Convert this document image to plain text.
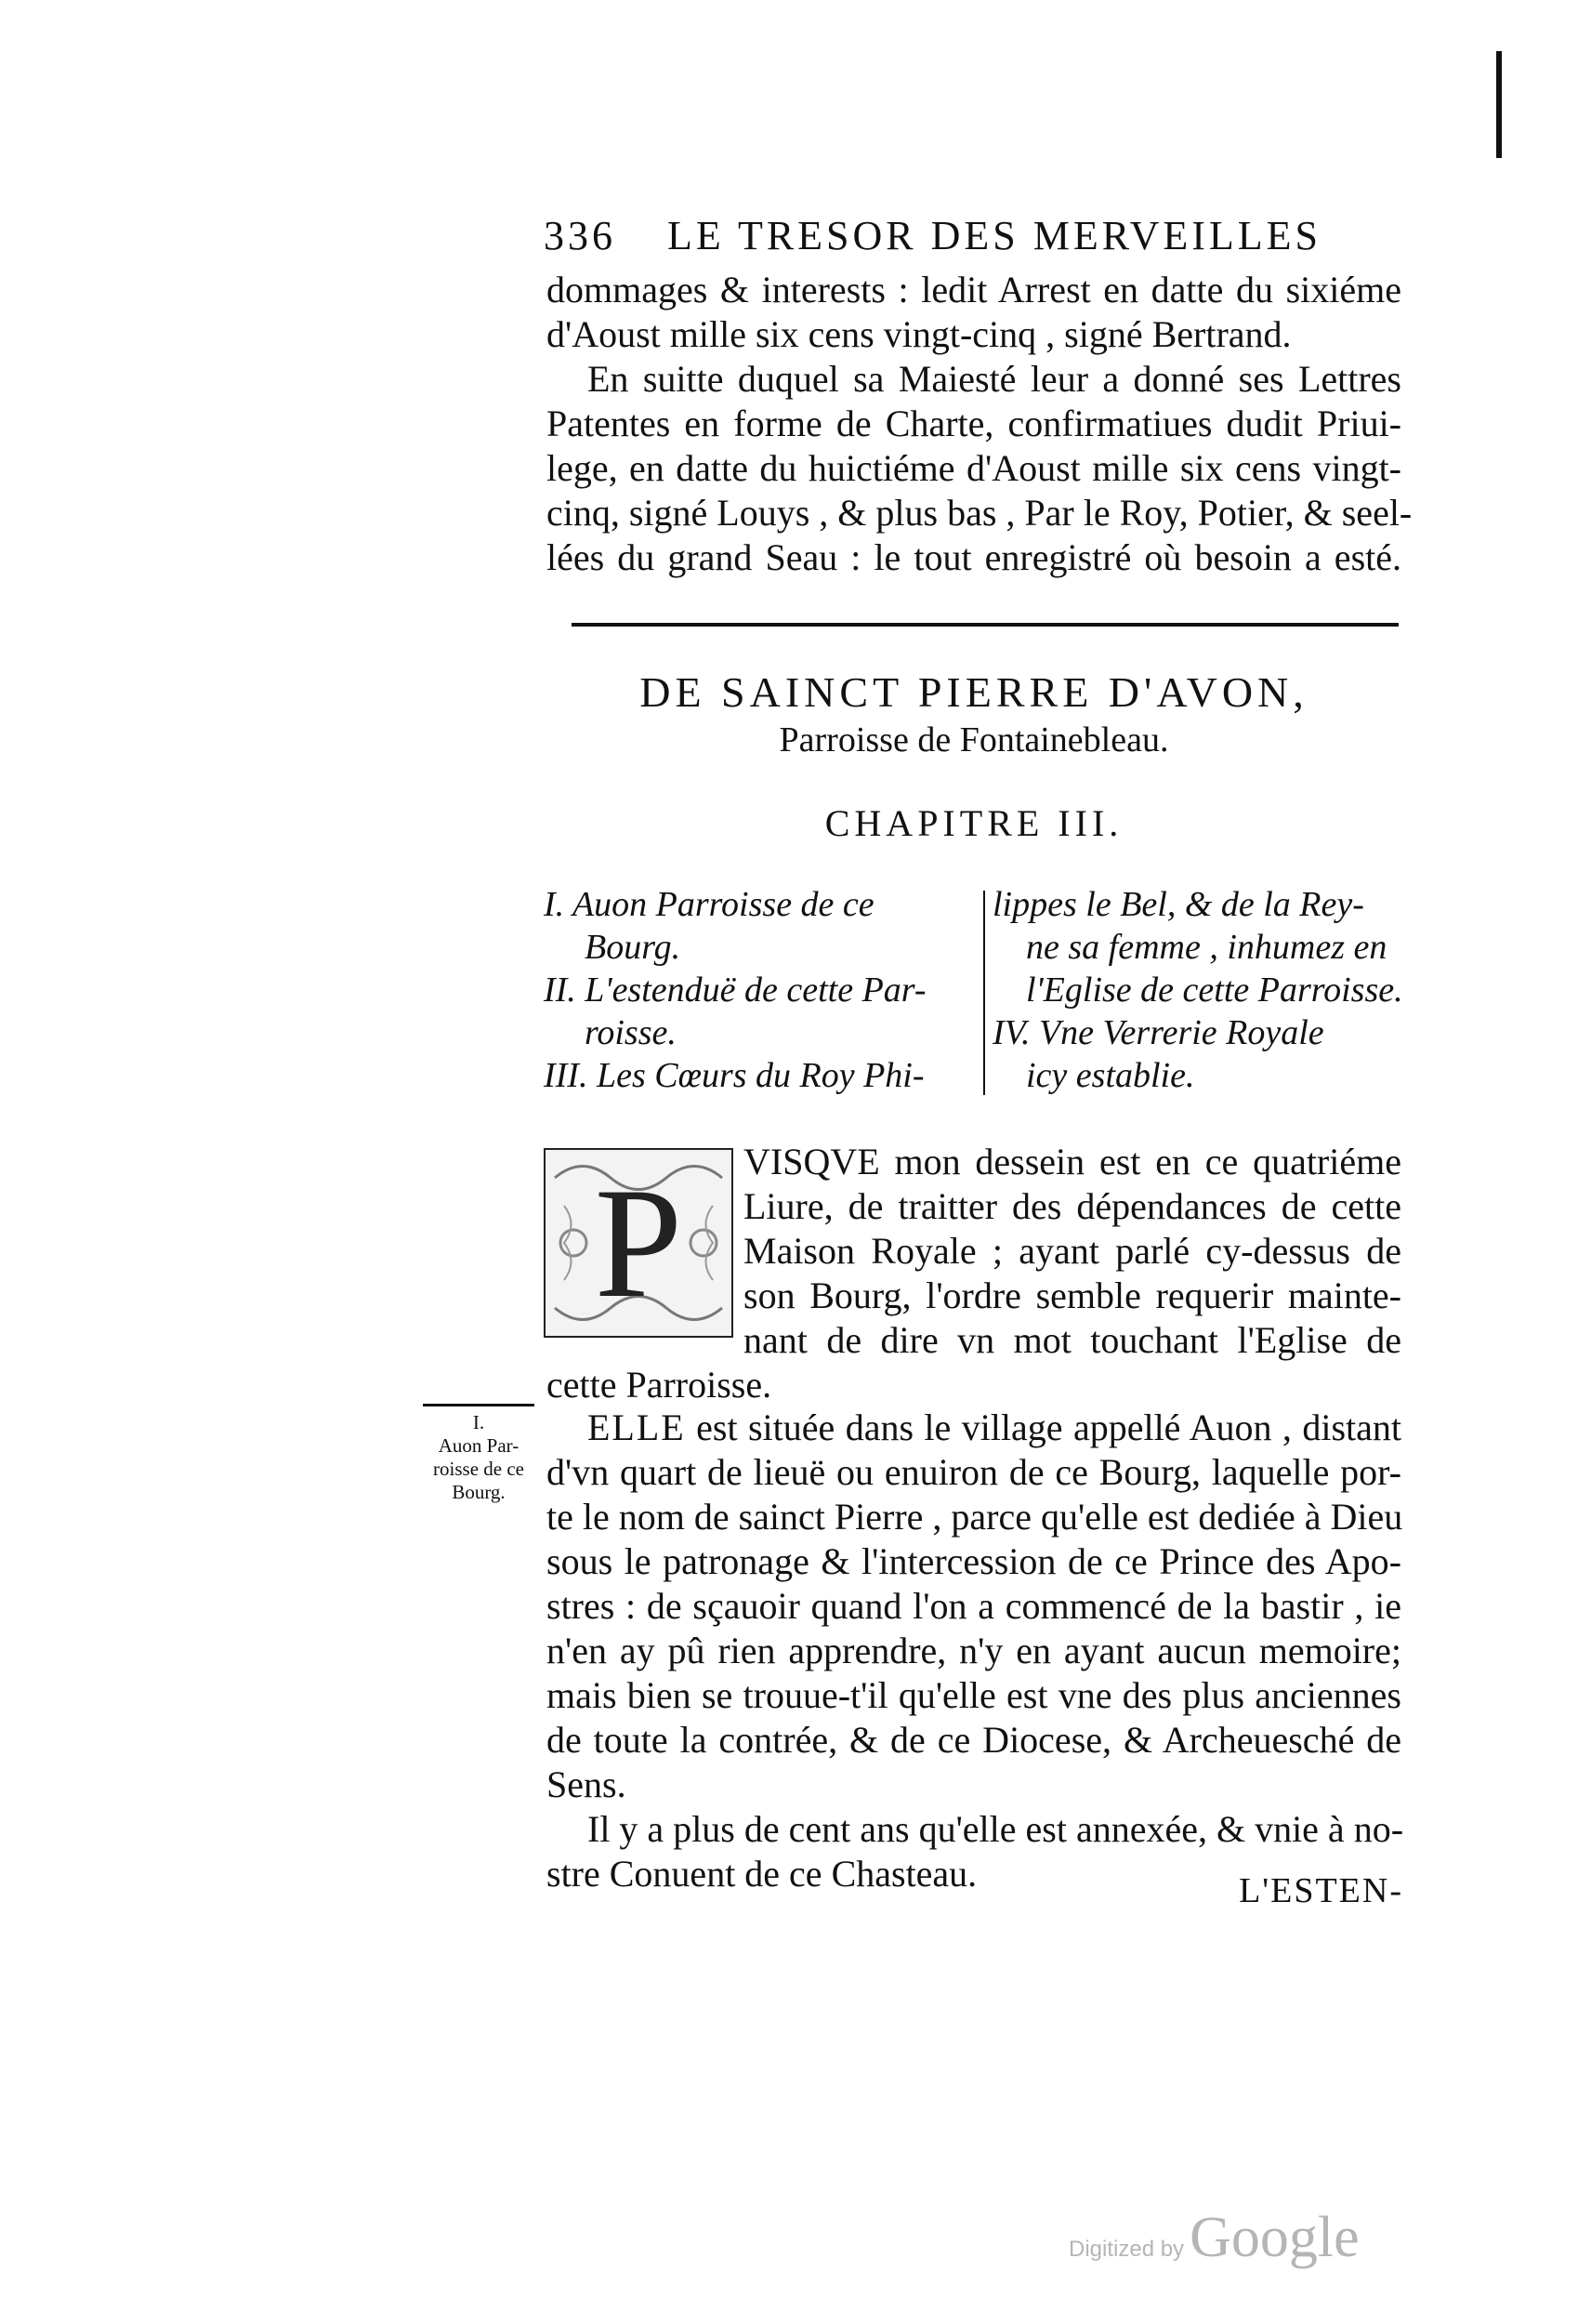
336 LE TRESOR DES MERVEILLES
dommages & interests : ledit Arrest en datte du sixiéme
d'Aoust mille six cens vingt-cinq , signé Bertrand.
En suitte duquel sa Maiesté leur a donné ses Lettres
Patentes en forme de Charte, confirmatiues dudit Priui-
lege, en datte du huictiéme d'Aoust mille six cens vingt-
cinq, signé Louys , & plus bas , Par le Roy, Potier, & seel-
lées du grand Seau : le tout enregistré où besoin a esté.
DE SAINCT PIERRE D'AVON,
Parroisse de Fontainebleau.
CHAPITRE III.
I. Auon Parroisse de ce
Bourg.
II. L'estenduë de cette Par-
roisse.
III. Les Cœurs du Roy Phi-
lippes le Bel, & de la Rey-
ne sa femme , inhumez en
l'Eglise de cette Parroisse.
IV. Vne Verrerie Royale
icy establie.
P	VISQVE mon dessein est en ce quatriéme
Liure, de traitter des dépendances de cette
Maison Royale ; ayant parlé cy-dessus de
son Bourg, l'ordre semble requerir mainte-
nant de dire vn mot touchant l'Eglise de
cette Parroisse.
I.
Auon Par-
roisse de ce
Bourg.
ELLE est située dans le village appellé Auon , distant
d'vn quart de lieuë ou enuiron de ce Bourg, laquelle por-
te le nom de sainct Pierre , parce qu'elle est dediée à Dieu
sous le patronage & l'intercession de ce Prince des Apo-
stres : de sçauoir quand l'on a commencé de la bastir , ie
n'en ay pû rien apprendre, n'y en ayant aucun memoire;
mais bien se trouue-t'il qu'elle est vne des plus anciennes
de toute la contrée, & de ce Diocese, & Archeuesché de
Sens.
Il y a plus de cent ans qu'elle est annexée, & vnie à no-
stre Conuent de ce Chasteau.	L'ESTEN-
Digitized byGoogle
